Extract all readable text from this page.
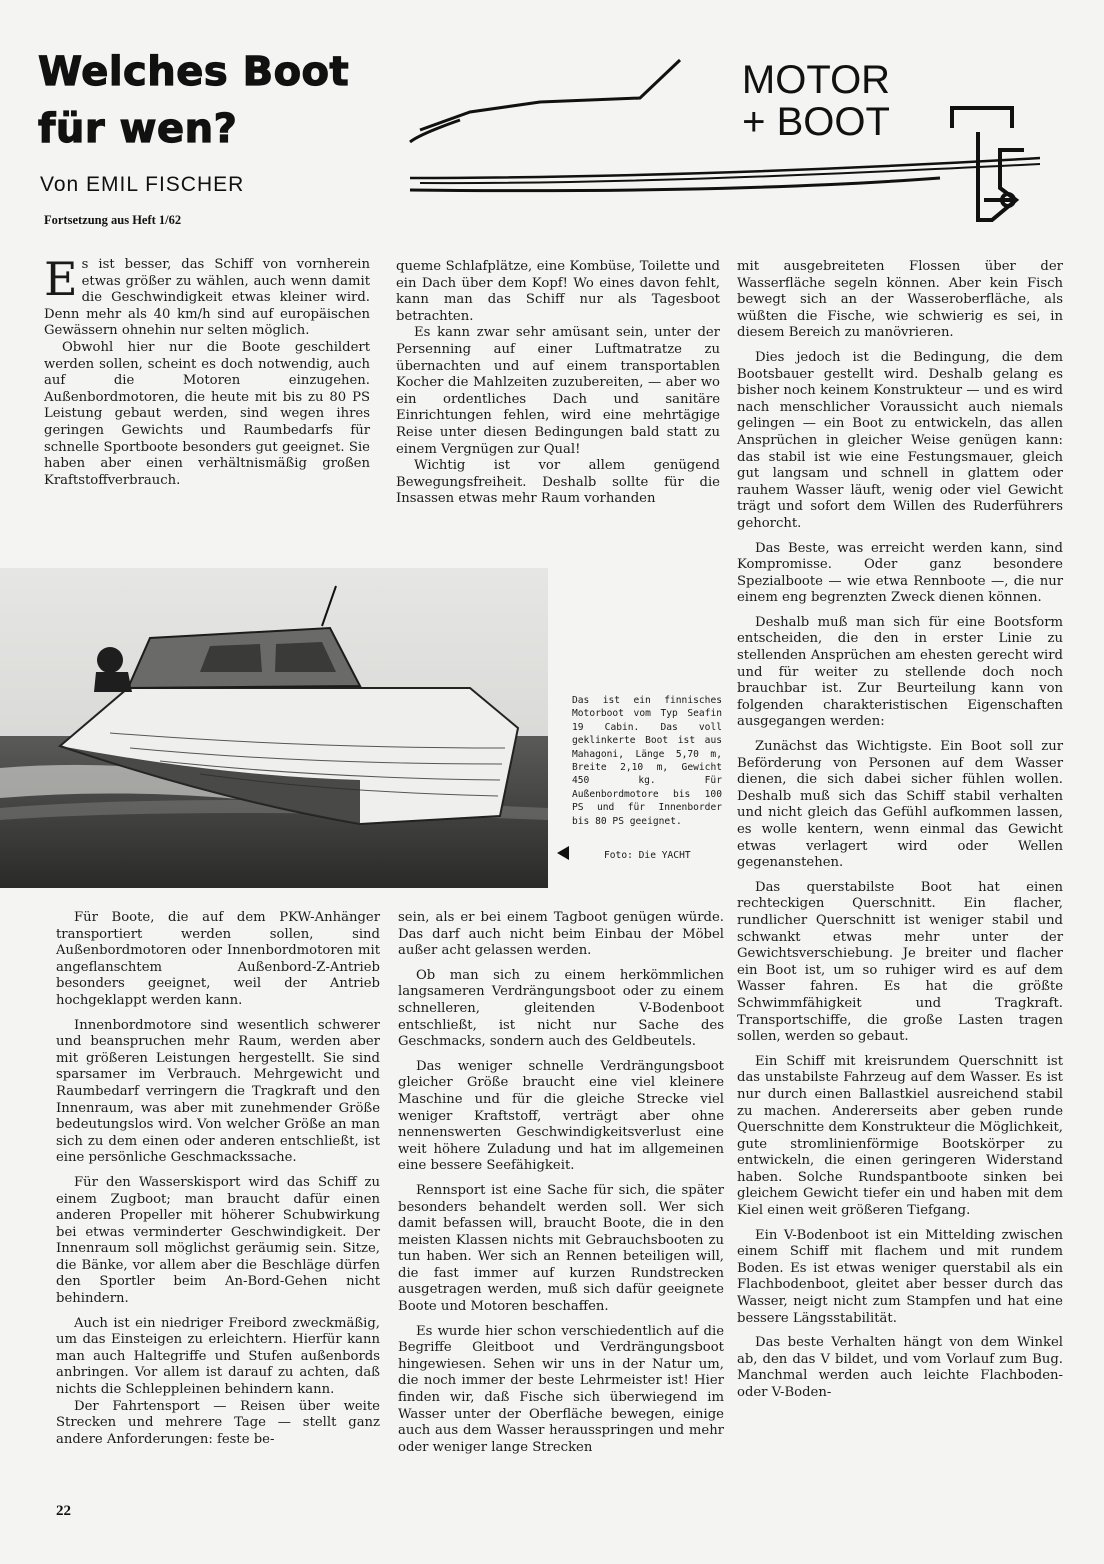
Welches Boot
für wen?
Von EMIL FISCHER
Fortsetzung aus Heft 1/62
MOTOR
+ BOOT

Es ist besser, das Schiff von vornherein etwas größer zu wählen, auch wenn damit die Geschwindigkeit etwas kleiner wird. Denn mehr als 40 km/h sind auf europäischen Gewässern ohnehin nur selten möglich.

Obwohl hier nur die Boote geschildert werden sollen, scheint es doch notwendig, auch auf die Motoren einzugehen. Außenbordmotoren, die heute mit bis zu 80 PS Leistung gebaut werden, sind wegen ihres geringen Gewichts und Raumbedarfs für schnelle Sportboote besonders gut geeignet. Sie haben aber einen verhältnismäßig großen Kraftstoffverbrauch.

queme Schlafplätze, eine Kombüse, Toilette und ein Dach über dem Kopf! Wo eines davon fehlt, kann man das Schiff nur als Tagesboot betrachten.

Es kann zwar sehr amüsant sein, unter der Persenning auf einer Luftmatratze zu übernachten und auf einem transportablen Kocher die Mahlzeiten zuzubereiten, — aber wo ein ordentliches Dach und sanitäre Einrichtungen fehlen, wird eine mehrtägige Reise unter diesen Bedingungen bald statt zu einem Vergnügen zur Qual!

Wichtig ist vor allem genügend Bewegungsfreiheit. Deshalb sollte für die Insassen etwas mehr Raum vorhanden

mit ausgebreiteten Flossen über der Wasserfläche segeln können. Aber kein Fisch bewegt sich an der Wasseroberfläche, als wüßten die Fische, wie schwierig es sei, in diesem Bereich zu manövrieren.

Dies jedoch ist die Bedingung, die dem Bootsbauer gestellt wird. Deshalb gelang es bisher noch keinem Konstrukteur — und es wird nach menschlicher Voraussicht auch niemals gelingen — ein Boot zu entwickeln, das allen Ansprüchen in gleicher Weise genügen kann: das stabil ist wie eine Festungsmauer, gleich gut langsam und schnell in glattem oder rauhem Wasser läuft, wenig oder viel Gewicht trägt und sofort dem Willen des Ruderführers gehorcht.

Das Beste, was erreicht werden kann, sind Kompromisse. Oder ganz besondere Spezialboote — wie etwa Rennboote —, die nur einem eng begrenzten Zweck dienen können.

Deshalb muß man sich für eine Bootsform entscheiden, die den in erster Linie zu stellenden Ansprüchen am ehesten gerecht wird und für weiter zu stellende doch noch brauchbar ist. Zur Beurteilung kann von folgenden charakteristischen Eigenschaften ausgegangen werden:

Zunächst das Wichtigste. Ein Boot soll zur Beförderung von Personen auf dem Wasser dienen, die sich dabei sicher fühlen wollen. Deshalb muß sich das Schiff stabil verhalten und nicht gleich das Gefühl aufkommen lassen, es wolle kentern, wenn einmal das Gewicht etwas verlagert wird oder Wellen gegenanstehen.

Das querstabilste Boot hat einen rechteckigen Querschnitt. Ein flacher, rundlicher Querschnitt ist weniger stabil und schwankt etwas mehr unter der Gewichtsverschiebung. Je breiter und flacher ein Boot ist, um so ruhiger wird es auf dem Wasser fahren. Es hat die größte Schwimmfähigkeit und Tragkraft. Transportschiffe, die große Lasten tragen sollen, werden so gebaut.

Ein Schiff mit kreisrundem Querschnitt ist das unstabilste Fahrzeug auf dem Wasser. Es ist nur durch einen Ballastkiel ausreichend stabil zu machen. Andererseits aber geben runde Querschnitte dem Konstrukteur die Möglichkeit, gute stromlinienförmige Bootskörper zu entwickeln, die einen geringeren Widerstand haben. Solche Rundspantboote sinken bei gleichem Gewicht tiefer ein und haben mit dem Kiel einen weit größeren Tiefgang.

Ein V-Bodenboot ist ein Mittelding zwischen einem Schiff mit flachem und mit rundem Boden. Es ist etwas weniger querstabil als ein Flachbodenboot, gleitet aber besser durch das Wasser, neigt nicht zum Stampfen und hat eine bessere Längsstabilität.

Das beste Verhalten hängt von dem Winkel ab, den das V bildet, und vom Vorlauf zum Bug. Manchmal werden auch leichte Flachboden- oder V-Boden-

Das ist ein finnisches Motorboot vom Typ Seafin 19 Cabin. Das voll geklinkerte Boot ist aus Mahagoni, Länge 5,70 m, Breite 2,10 m, Gewicht 450 kg. Für Außenbordmotore bis 100 PS und für Innenborder bis 80 PS geeignet.
Foto: Die YACHT

Für Boote, die auf dem PKW-Anhänger transportiert werden sollen, sind Außenbordmotoren oder Innenbordmotoren mit angeflanschtem Außenbord-Z-Antrieb besonders geeignet, weil der Antrieb hochgeklappt werden kann.

Innenbordmotore sind wesentlich schwerer und beanspruchen mehr Raum, werden aber mit größeren Leistungen hergestellt. Sie sind sparsamer im Verbrauch. Mehrgewicht und Raumbedarf verringern die Tragkraft und den Innenraum, was aber mit zunehmender Größe bedeutungslos wird. Von welcher Größe an man sich zu dem einen oder anderen entschließt, ist eine persönliche Geschmackssache.

Für den Wasserskisport wird das Schiff zu einem Zugboot; man braucht dafür einen anderen Propeller mit höherer Schubwirkung bei etwas verminderter Geschwindigkeit. Der Innenraum soll möglichst geräumig sein. Sitze, die Bänke, vor allem aber die Beschläge dürfen den Sportler beim An-Bord-Gehen nicht behindern.

Auch ist ein niedriger Freibord zweckmäßig, um das Einsteigen zu erleichtern. Hierfür kann man auch Haltegriffe und Stufen außenbords anbringen. Vor allem ist darauf zu achten, daß nichts die Schleppleinen behindern kann.

Der Fahrtensport — Reisen über weite Strecken und mehrere Tage — stellt ganz andere Anforderungen: feste be-

sein, als er bei einem Tagboot genügen würde. Das darf auch nicht beim Einbau der Möbel außer acht gelassen werden.

Ob man sich zu einem herkömmlichen langsameren Verdrängungsboot oder zu einem schnelleren, gleitenden V-Bodenboot entschließt, ist nicht nur Sache des Geschmacks, sondern auch des Geldbeutels.

Das weniger schnelle Verdrängungsboot gleicher Größe braucht eine viel kleinere Maschine und für die gleiche Strecke viel weniger Kraftstoff, verträgt aber ohne nennenswerten Geschwindigkeitsverlust eine weit höhere Zuladung und hat im allgemeinen eine bessere Seefähigkeit.

Rennsport ist eine Sache für sich, die später besonders behandelt werden soll. Wer sich damit befassen will, braucht Boote, die in den meisten Klassen nichts mit Gebrauchsbooten zu tun haben. Wer sich an Rennen beteiligen will, die fast immer auf kurzen Rundstrecken ausgetragen werden, muß sich dafür geeignete Boote und Motoren beschaffen.

Es wurde hier schon verschiedentlich auf die Begriffe Gleitboot und Verdrängungsboot hingewiesen. Sehen wir uns in der Natur um, die noch immer der beste Lehrmeister ist! Hier finden wir, daß Fische sich überwiegend im Wasser unter der Oberfläche bewegen, einige auch aus dem Wasser herausspringen und mehr oder weniger lange Strecken

22
